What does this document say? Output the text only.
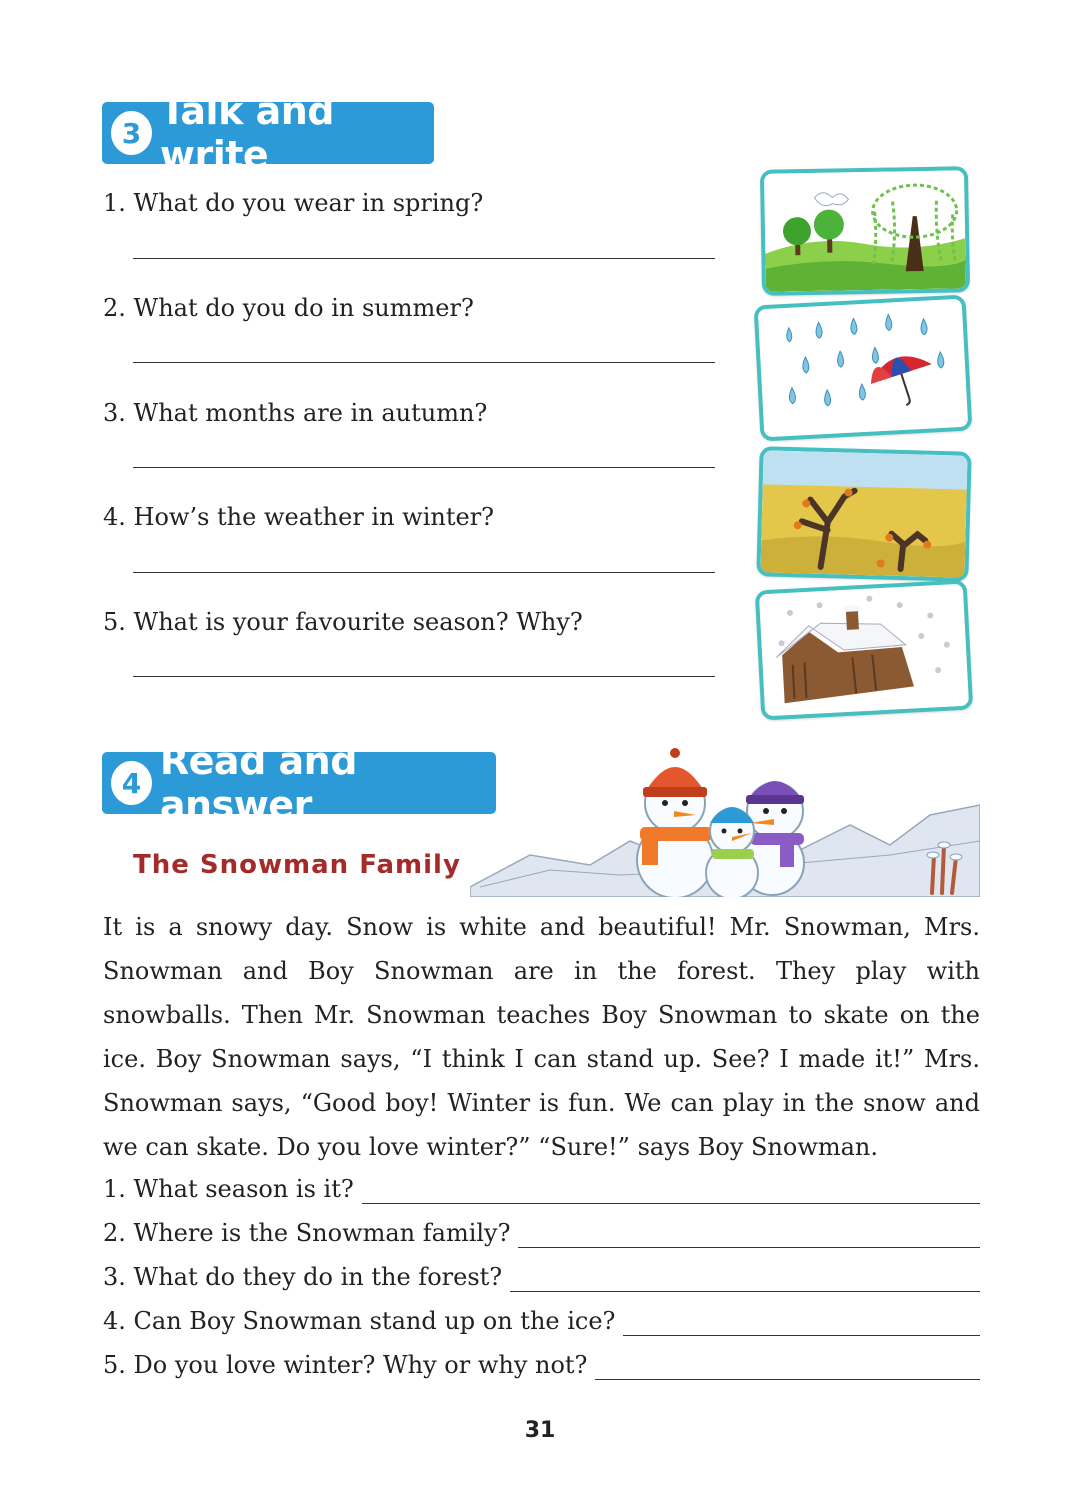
3 Talk and write
1. What do you wear in spring?
2. What do you do in summer?
3. What months are in autumn?
4. How’s the weather in winter?
5. What is your favourite season? Why?
4 Read and answer
The Snowman Family
It is a snowy day. Snow is white and beautiful! Mr. Snowman, Mrs. Snowman and Boy Snowman are in the forest. They play with snowballs. Then Mr. Snowman teaches Boy Snowman to skate on the ice. Boy Snowman says, “I think I can stand up. See? I made it!” Mrs. Snowman says, “Good boy! Winter is fun. We can play in the snow and we can skate. Do you love winter?” “Sure!” says Boy Snowman.
1. What season is it?
2. Where is the Snowman family?
3. What do they do in the forest?
4. Can Boy Snowman stand up on the ice?
5. Do you love winter? Why or why not?
31
